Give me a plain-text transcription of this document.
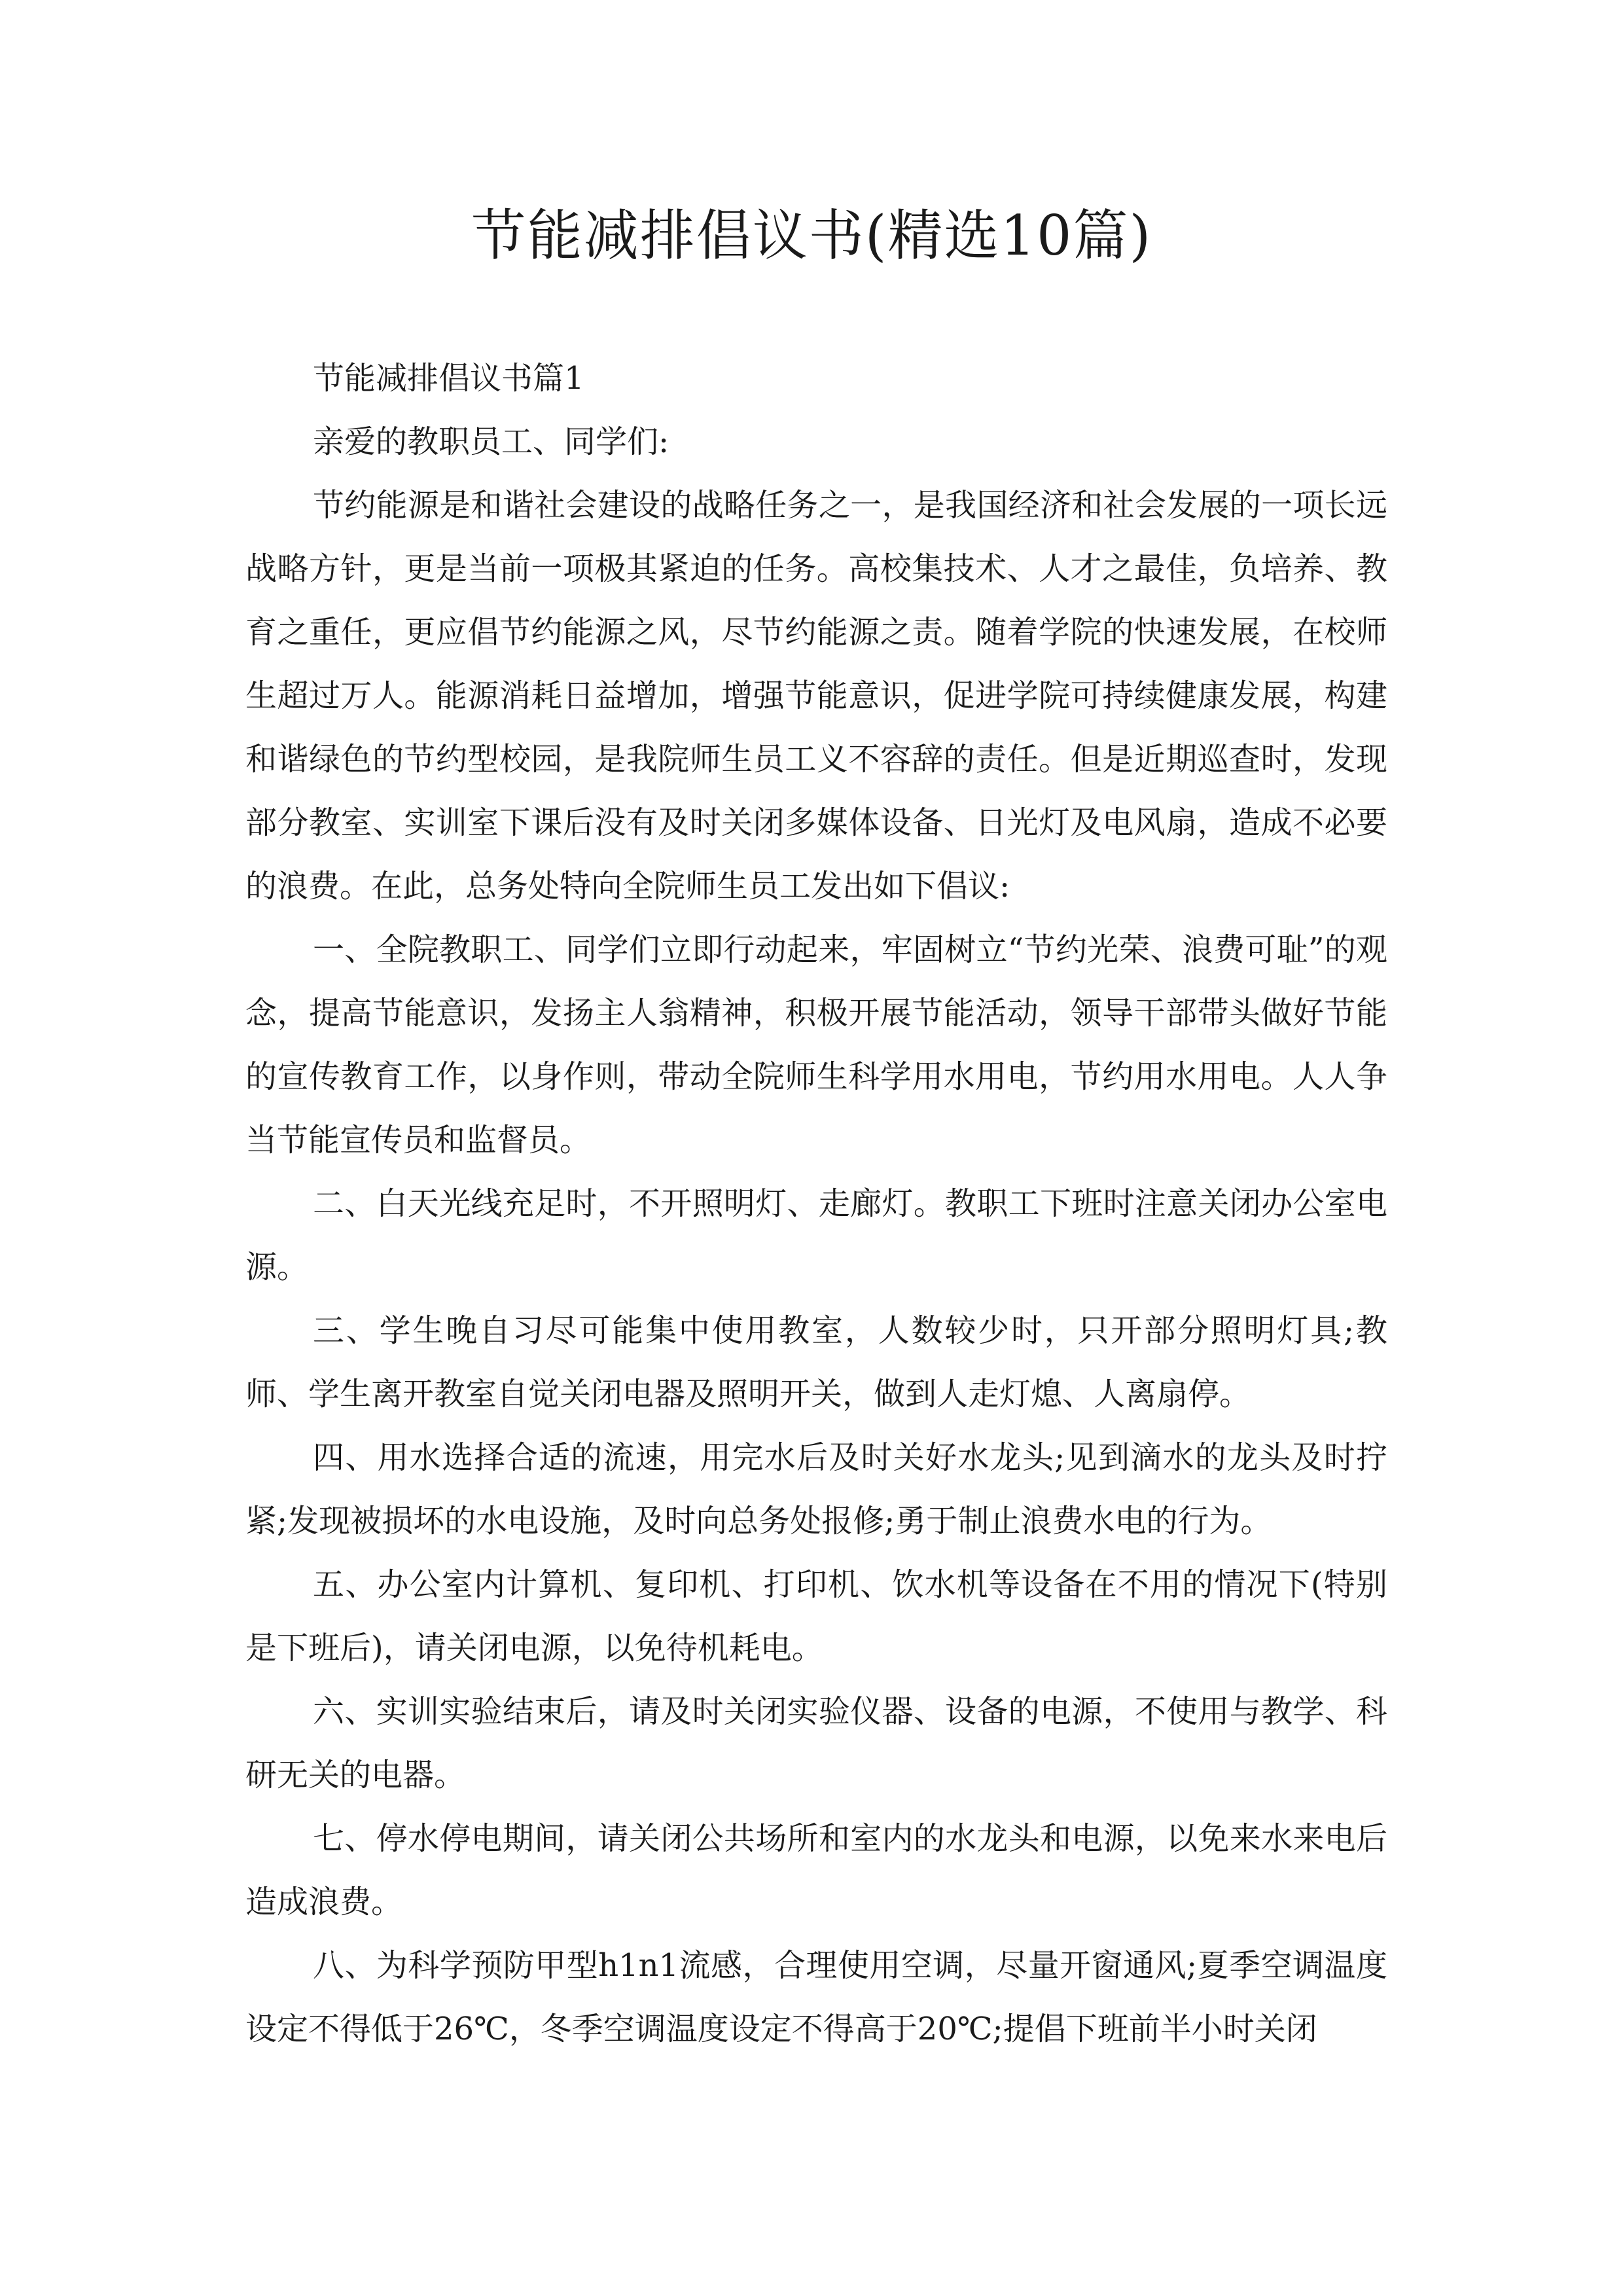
节能减排倡议书(精选10篇)

节能减排倡议书篇1

亲爱的教职员工、同学们:

节约能源是和谐社会建设的战略任务之一，是我国经济和社会发展的一项长远战略方针，更是当前一项极其紧迫的任务。高校集技术、人才之最佳，负培养、教育之重任，更应倡节约能源之风，尽节约能源之责。随着学院的快速发展，在校师生超过万人。能源消耗日益增加，增强节能意识，促进学院可持续健康发展，构建和谐绿色的节约型校园，是我院师生员工义不容辞的责任。但是近期巡查时，发现部分教室、实训室下课后没有及时关闭多媒体设备、日光灯及电风扇，造成不必要的浪费。在此，总务处特向全院师生员工发出如下倡议:

一、全院教职工、同学们立即行动起来，牢固树立“节约光荣、浪费可耻”的观念，提高节能意识，发扬主人翁精神，积极开展节能活动，领导干部带头做好节能的宣传教育工作，以身作则，带动全院师生科学用水用电，节约用水用电。人人争当节能宣传员和监督员。

二、白天光线充足时，不开照明灯、走廊灯。教职工下班时注意关闭办公室电源。

三、学生晚自习尽可能集中使用教室，人数较少时，只开部分照明灯具;教师、学生离开教室自觉关闭电器及照明开关，做到人走灯熄、人离扇停。

四、用水选择合适的流速，用完水后及时关好水龙头;见到滴水的龙头及时拧紧;发现被损坏的水电设施，及时向总务处报修;勇于制止浪费水电的行为。

五、办公室内计算机、复印机、打印机、饮水机等设备在不用的情况下(特别是下班后)，请关闭电源，以免待机耗电。

六、实训实验结束后，请及时关闭实验仪器、设备的电源，不使用与教学、科研无关的电器。

七、停水停电期间，请关闭公共场所和室内的水龙头和电源，以免来水来电后造成浪费。

八、为科学预防甲型h1n1流感，合理使用空调，尽量开窗通风;夏季空调温度设定不得低于26℃，冬季空调温度设定不得高于20℃;提倡下班前半小时关闭
